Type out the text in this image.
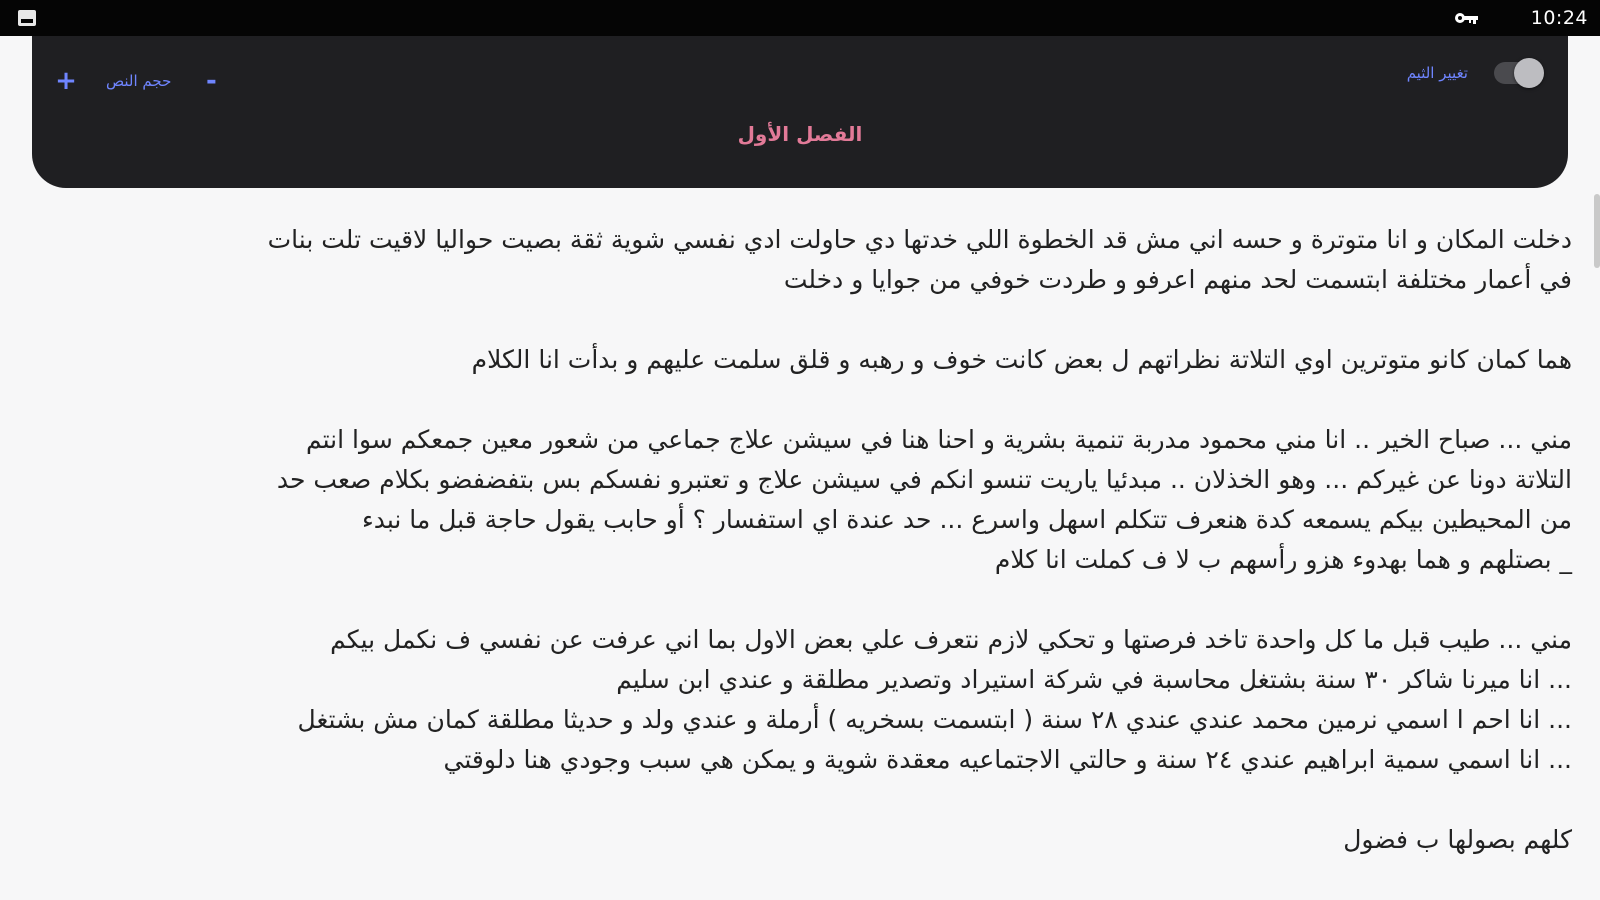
10:24
+ حجم النص -	تغيير الثيم
الفصل الأول

دخلت المكان و انا متوترة و حسه اني مش قد الخطوة اللي خدتها دي حاولت ادي نفسي شوية ثقة بصيت حواليا لاقيت تلت بنات
في أعمار مختلفة ابتسمت لحد منهم اعرفو و طردت خوفي من جوايا و دخلت

هما كمان كانو متوترين اوي التلاتة نظراتهم ل بعض كانت خوف و رهبه و قلق سلمت عليهم و بدأت انا الكلام

مني ... صباح الخير .. انا مني محمود مدربة تنمية بشرية و احنا هنا في سيشن علاج جماعي من شعور معين جمعكم سوا انتم
التلاتة دونا عن غيركم ... وهو الخذلان .. مبدئيا ياريت تنسو انكم في سيشن علاج و تعتبرو نفسكم بس بتفضفضو بكلام صعب حد
من المحيطين بيكم يسمعه كدة هنعرف تتكلم اسهل واسرع ... حد عندة اي استفسار ؟ أو حابب يقول حاجة قبل ما نبدء
_ بصتلهم و هما بهدوء هزو رأسهم ب لا ف كملت انا كلام

مني ... طيب قبل ما كل واحدة تاخد فرصتها و تحكي لازم نتعرف علي بعض الاول بما اني عرفت عن نفسي ف نكمل بيكم
... انا ميرنا شاكر ٣٠ سنة بشتغل محاسبة في شركة استيراد وتصدير مطلقة و عندي ابن سليم
... انا احم ا اسمي نرمين محمد عندي عندي ٢٨ سنة ( ابتسمت بسخريه ) أرملة و عندي ولد و حديثا مطلقة كمان مش بشتغل
... انا اسمي سمية ابراهيم عندي ٢٤ سنة و حالتي الاجتماعيه معقدة شوية و يمكن هي سبب وجودي هنا دلوقتي

كلهم بصولها ب فضول
